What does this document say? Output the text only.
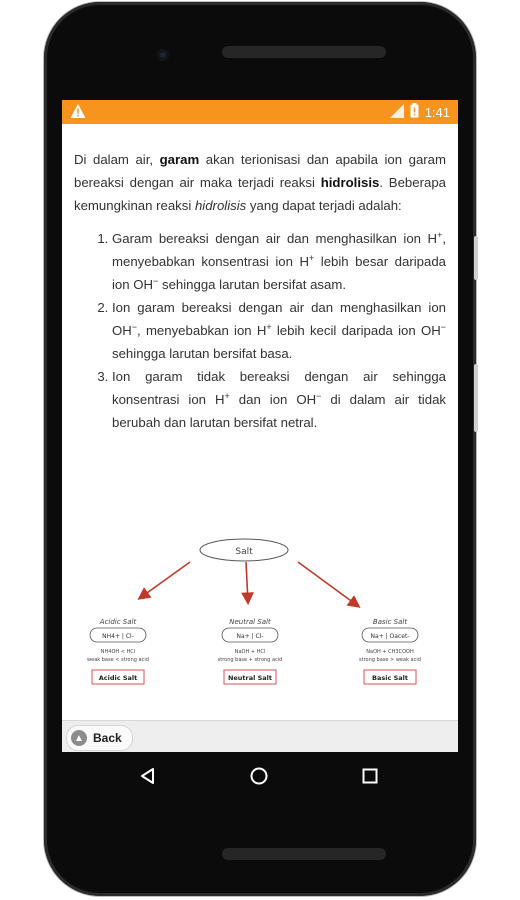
1:41

Di dalam air, garam akan terionisasi dan apabila ion garam bereaksi dengan air maka terjadi reaksi hidrolisis. Beberapa kemungkinan reaksi hidrolisis yang dapat terjadi adalah:

1. Garam bereaksi dengan air dan menghasilkan ion H+, menyebabkan konsentrasi ion H+ lebih besar daripada ion OH− sehingga larutan bersifat asam.
2. Ion garam bereaksi dengan air dan menghasilkan ion OH−, menyebabkan ion H+ lebih kecil daripada ion OH− sehingga larutan bersifat basa.
3. Ion garam tidak bereaksi dengan air sehingga konsentrasi ion H+ dan ion OH− di dalam air tidak berubah dan larutan bersifat netral.
Salt
Acidic Salt
NH4+ | Cl-
NH4OH < HCl
weak base < strong acid
Acidic Salt
Neutral Salt
Na+ | Cl-
NaOH + HCl
strong base + strong acid
Neutral Salt
Basic Salt
Na+ | Oacet-
NaOH + CH3COOH
strong base > weak acid
Basic Salt
▲ Back
